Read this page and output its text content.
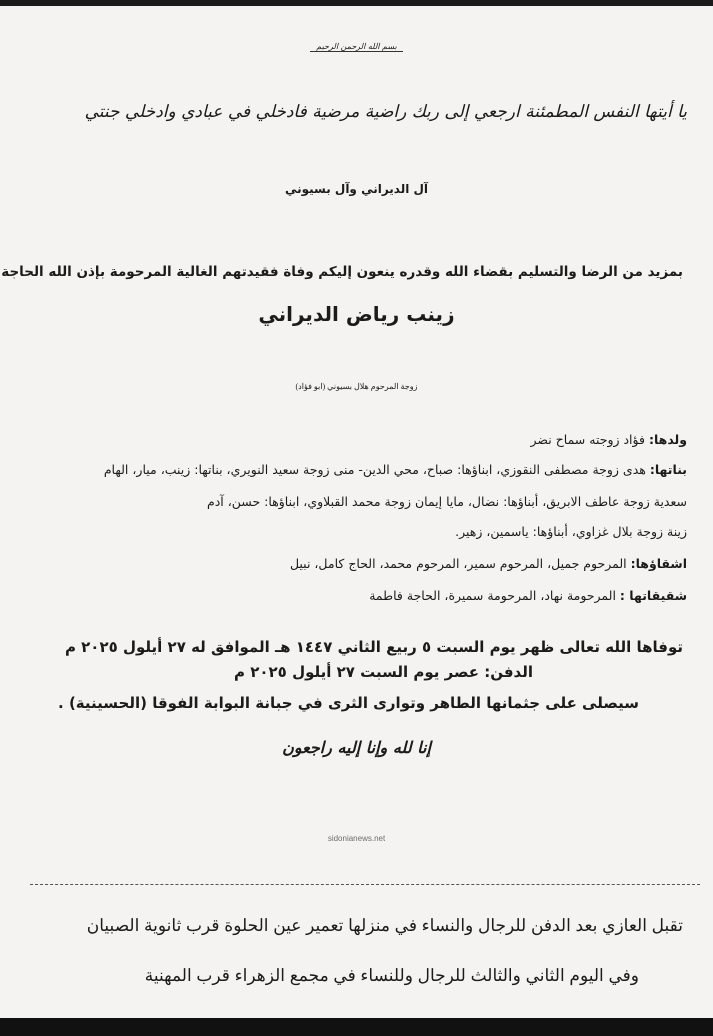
بسم الله الرحمن الرحيم
يا أيتها النفس المطمئنة ارجعي إلى ربك راضية مرضية فادخلي في عبادي وادخلي جنتي
آل الديراني وآل بسيوني
بمزيد من الرضا والتسليم بقضاء الله وقدره ينعون إليكم وفاة فقيدتهم الغالية المرحومة بإذن الله الحاجة
زينب رياض الديراني
زوجة المرحوم هلال بسيوني (ابو فؤاد)
ولدها: فؤاد زوجته سماح نضر
بناتها: هدى زوجة مصطفى النقوزي، ابناؤها: صباح، محي الدين- منى زوجة سعيد النويري، بناتها: زينب، ميار، الهام
سعدية زوجة عاطف الابريق، أبناؤها: نضال، مايا إيمان زوجة محمد القبلاوي، ابناؤها: حسن، آدم
زينة زوجة بلال غزاوي، أبناؤها: ياسمين، زهير.
اشقاؤها: المرحوم جميل، المرحوم سمير، المرحوم محمد، الحاج كامل، نبيل
شقيقاتها : المرحومة نهاد، المرحومة سميرة، الحاجة فاطمة
توفاها الله تعالى ظهر يوم السبت ٥ ربيع الثاني ١٤٤٧ هـ الموافق له ٢٧ أيلول ٢٠٢٥ م
الدفن: عصر يوم السبت ٢٧ أيلول ٢٠٢٥ م
سيصلى على جثمانها الطاهر وتوارى الثرى في جبانة البوابة الفوقا (الحسينية) .
إنا لله وإنا إليه راجعون
sidonianews.net
تقبل العازي بعد الدفن للرجال والنساء في منزلها تعمير عين الحلوة قرب ثانوية الصبيان
وفي اليوم الثاني والثالث للرجال وللنساء في مجمع الزهراء قرب المهنية
